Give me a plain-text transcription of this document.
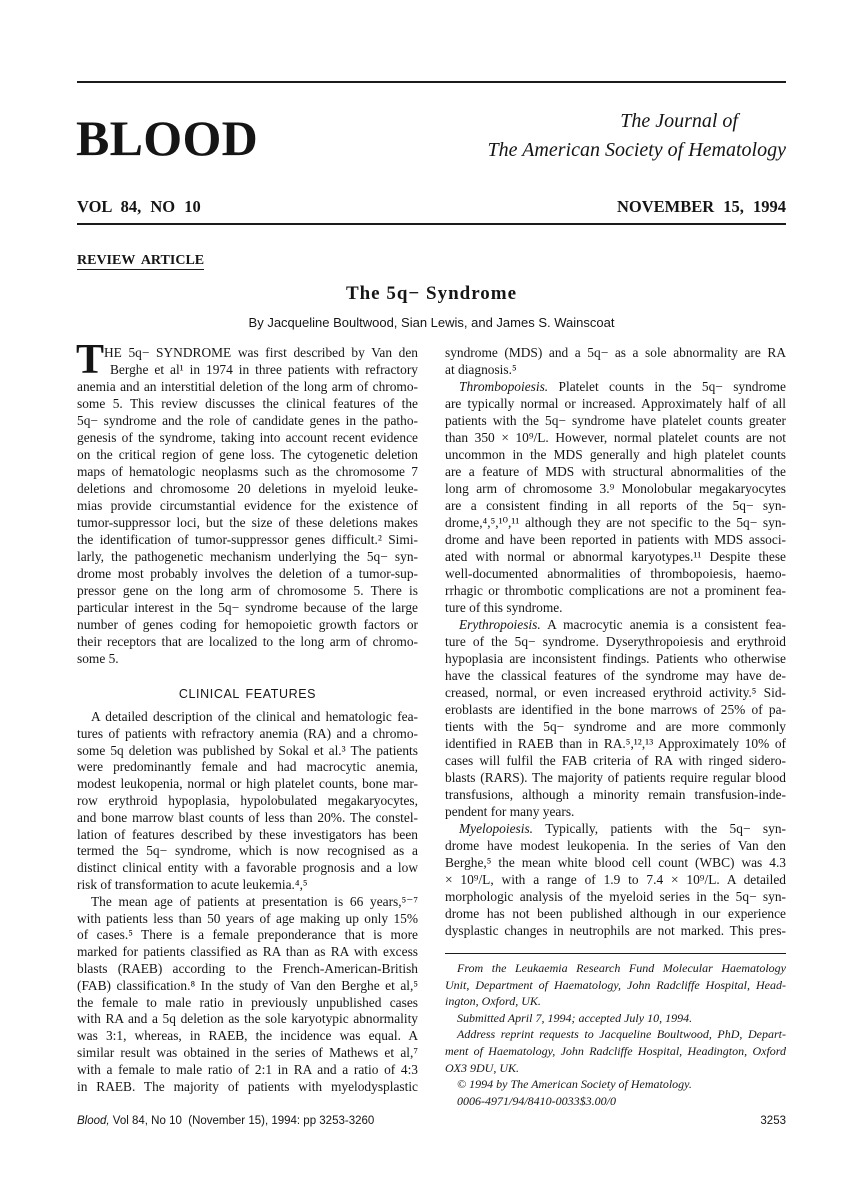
BLOOD	The Journal of
The American Society of Hematology
VOL 84, NO 10	NOVEMBER 15, 1994
REVIEW ARTICLE
The 5q− Syndrome
By Jacqueline Boultwood, Sian Lewis, and James S. Wainscoat
T HE 5q− SYNDROME was first described by Van den
Berghe et al¹ in 1974 in three patients with refractory
anemia and an interstitial deletion of the long arm of chromo-
some 5. This review discusses the clinical features of the
5q− syndrome and the role of candidate genes in the patho-
genesis of the syndrome, taking into account recent evidence
on the critical region of gene loss. The cytogenetic deletion
maps of hematologic neoplasms such as the chromosome 7
deletions and chromosome 20 deletions in myeloid leuke-
mias provide circumstantial evidence for the existence of
tumor-suppressor loci, but the size of these deletions makes
the identification of tumor-suppressor genes difficult.² Simi-
larly, the pathogenetic mechanism underlying the 5q− syn-
drome most probably involves the deletion of a tumor-sup-
pressor gene on the long arm of chromosome 5. There is
particular interest in the 5q− syndrome because of the large
number of genes coding for hemopoietic growth factors or
their receptors that are localized to the long arm of chromo-
some 5.
CLINICAL FEATURES
A detailed description of the clinical and hematologic fea-
tures of patients with refractory anemia (RA) and a chromo-
some 5q deletion was published by Sokal et al.³ The patients
were predominantly female and had macrocytic anemia,
modest leukopenia, normal or high platelet counts, bone mar-
row erythroid hypoplasia, hypolobulated megakaryocytes,
and bone marrow blast counts of less than 20%. The constel-
lation of features described by these investigators has been
termed the 5q− syndrome, which is now recognised as a
distinct clinical entity with a favorable prognosis and a low
risk of transformation to acute leukemia.⁴,⁵
The mean age of patients at presentation is 66 years,⁵⁻⁷
with patients less than 50 years of age making up only 15%
of cases.⁵ There is a female preponderance that is more
marked for patients classified as RA than as RA with excess
blasts (RAEB) according to the French-American-British
(FAB) classification.⁸ In the study of Van den Berghe et al,⁵
the female to male ratio in previously unpublished cases
with RA and a 5q deletion as the sole karyotypic abnormality
was 3:1, whereas, in RAEB, the incidence was equal. A
similar result was obtained in the series of Mathews et al,⁷
with a female to male ratio of 2:1 in RA and a ratio of 4:3
in RAEB. The majority of patients with myelodysplastic
syndrome (MDS) and a 5q− as a sole abnormality are RA
at diagnosis.⁵
Thrombopoiesis. Platelet counts in the 5q− syndrome
are typically normal or increased. Approximately half of all
patients with the 5q− syndrome have platelet counts greater
than 350 × 10⁹/L. However, normal platelet counts are not
uncommon in the MDS generally and high platelet counts
are a feature of MDS with structural abnormalities of the
long arm of chromosome 3.⁹ Monolobular megakaryocytes
are a consistent finding in all reports of the 5q− syn-
drome,⁴,⁵,¹⁰,¹¹ although they are not specific to the 5q− syn-
drome and have been reported in patients with MDS associ-
ated with normal or abnormal karyotypes.¹¹ Despite these
well-documented abnormalities of thrombopoiesis, haemo-
rrhagic or thrombotic complications are not a prominent fea-
ture of this syndrome.
Erythropoiesis. A macrocytic anemia is a consistent fea-
ture of the 5q− syndrome. Dyserythropoiesis and erythroid
hypoplasia are inconsistent findings. Patients who otherwise
have the classical features of the syndrome may have de-
creased, normal, or even increased erythroid activity.⁵ Sid-
eroblasts are identified in the bone marrows of 25% of pa-
tients with the 5q− syndrome and are more commonly
identified in RAEB than in RA.⁵,¹²,¹³ Approximately 10% of
cases will fulfil the FAB criteria of RA with ringed sidero-
blasts (RARS). The majority of patients require regular blood
transfusions, although a minority remain transfusion-inde-
pendent for many years.
Myelopoiesis. Typically, patients with the 5q− syn-
drome have modest leukopenia. In the series of Van den
Berghe,⁵ the mean white blood cell count (WBC) was 4.3
× 10⁹/L, with a range of 1.9 to 7.4 × 10⁹/L. A detailed
morphologic analysis of the myeloid series in the 5q− syn-
drome has not been published although in our experience
dysplastic changes in neutrophils are not marked. This pres-
From the Leukaemia Research Fund Molecular Haematology
Unit, Department of Haematology, John Radcliffe Hospital, Head-
ington, Oxford, UK.
Submitted April 7, 1994; accepted July 10, 1994.
Address reprint requests to Jacqueline Boultwood, PhD, Depart-
ment of Haematology, John Radcliffe Hospital, Headington, Oxford
OX3 9DU, UK.
© 1994 by The American Society of Hematology.
0006-4971/94/8410-0033$3.00/0
Blood, Vol 84, No 10  (November 15), 1994: pp 3253-3260	3253
